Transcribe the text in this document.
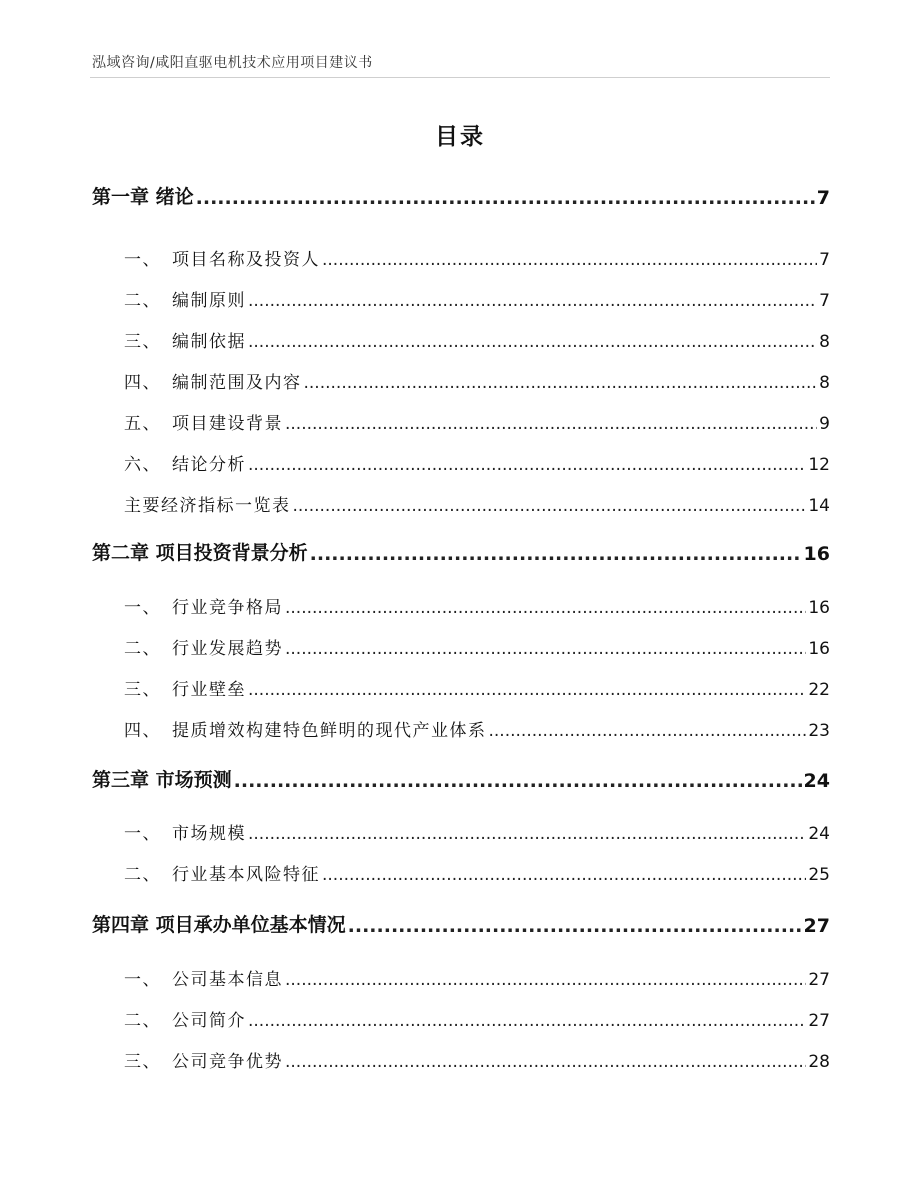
泓域咨询/咸阳直驱电机技术应用项目建议书
目录
第一章 绪论 .....	7
一、 项目名称及投资人 .....	7
二、 编制原则 .....	7
三、 编制依据 .....	8
四、 编制范围及内容 .....	8
五、 项目建设背景 .....	9
六、 结论分析 .....	12
主要经济指标一览表 .....	14
第二章 项目投资背景分析 .....	16
一、 行业竞争格局 .....	16
二、 行业发展趋势 .....	16
三、 行业壁垒 .....	22
四、 提质增效构建特色鲜明的现代产业体系 .....	23
第三章 市场预测 .....	24
一、 市场规模 .....	24
二、 行业基本风险特征 .....	25
第四章 项目承办单位基本情况 .....	27
一、 公司基本信息 .....	27
二、 公司简介 .....	27
三、 公司竞争优势 .....	28
